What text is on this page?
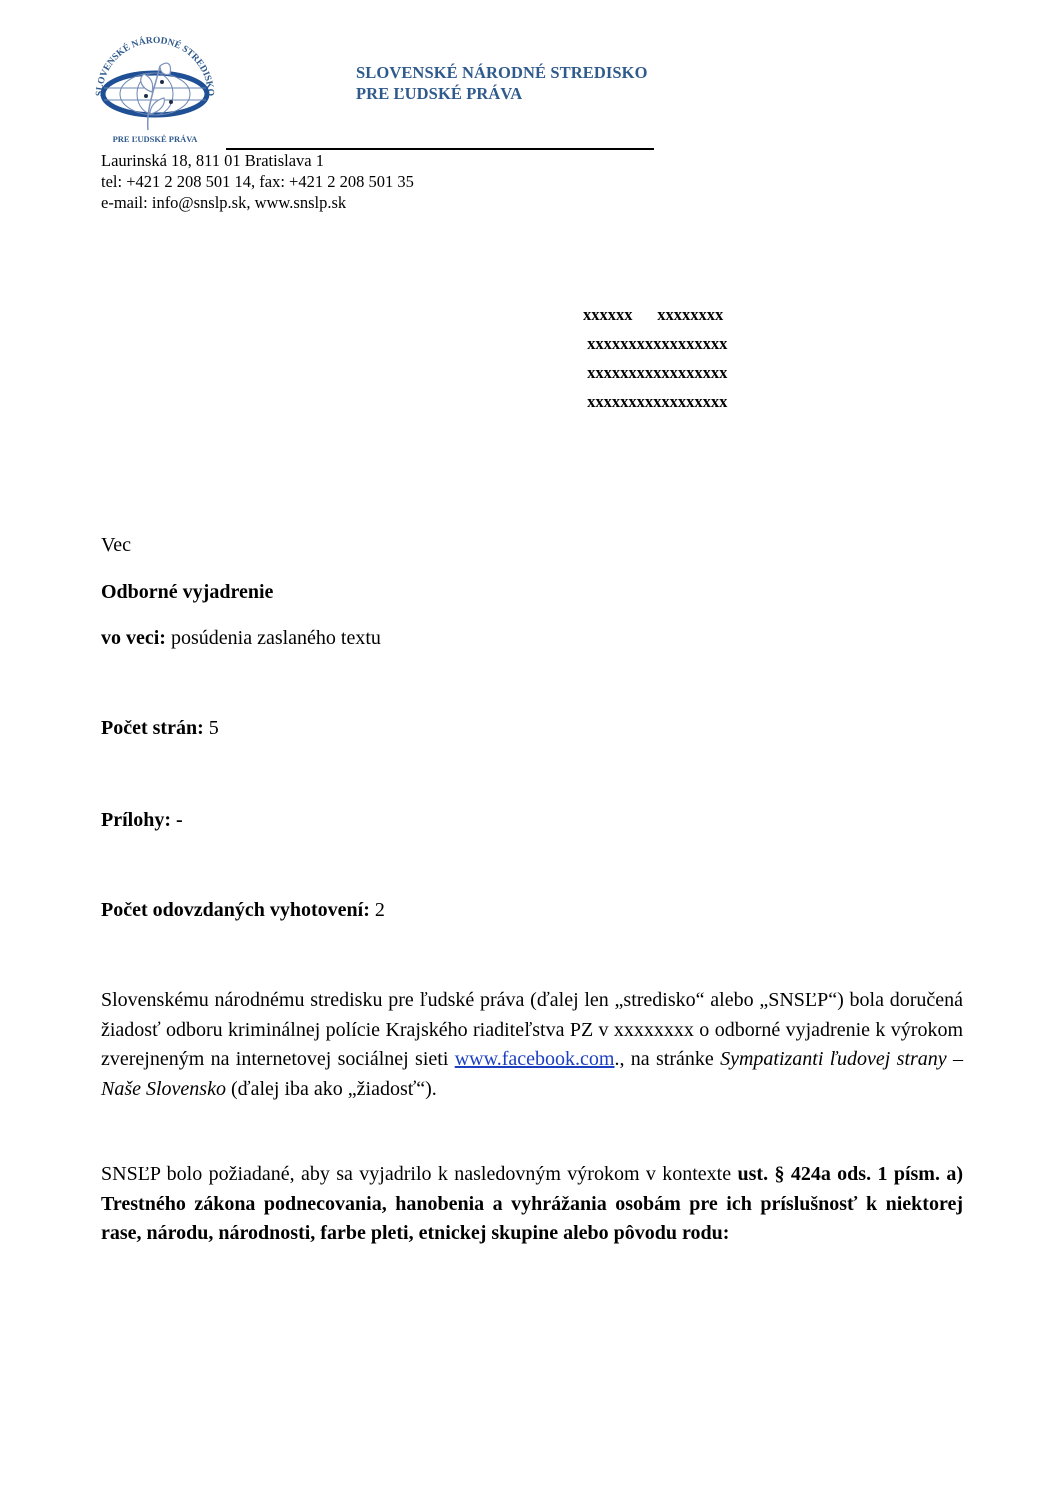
SLOVENSKÉ NÁRODNÉ STREDISKO
PRE ĽUDSKÉ PRÁVA
SLOVENSKÉ NÁRODNÉ STREDISKO
PRE ĽUDSKÉ PRÁVA
Laurinská 18, 811 01 Bratislava 1
tel: +421 2 208 501 14, fax: +421 2 208 501 35
e-mail: info@snslp.sk, www.snslp.sk
xxxxxx      xxxxxxxx
xxxxxxxxxxxxxxxxx
xxxxxxxxxxxxxxxxx
xxxxxxxxxxxxxxxxx
Vec
Odborné vyjadrenie
vo veci: posúdenia zaslaného textu
Počet strán: 5
Prílohy: -
Počet odovzdaných vyhotovení: 2
Slovenskému národnému stredisku pre ľudské práva (ďalej len „stredisko“ alebo „SNSĽP“) bola doručená žiadosť odboru kriminálnej polície Krajského riaditeľstva PZ v xxxxxxxx o odborné vyjadrenie k výrokom zverejneným na internetovej sociálnej sieti www.facebook.com., na stránke Sympatizanti ľudovej strany – Naše Slovensko (ďalej iba ako „žiadosť“).
SNSĽP bolo požiadané, aby sa vyjadrilo k nasledovným výrokom v kontexte ust. § 424a ods. 1 písm. a) Trestného zákona podnecovania, hanobenia a vyhrážania osobám pre ich príslušnosť k niektorej rase, národu, národnosti, farbe pleti, etnickej skupine alebo pôvodu rodu:
